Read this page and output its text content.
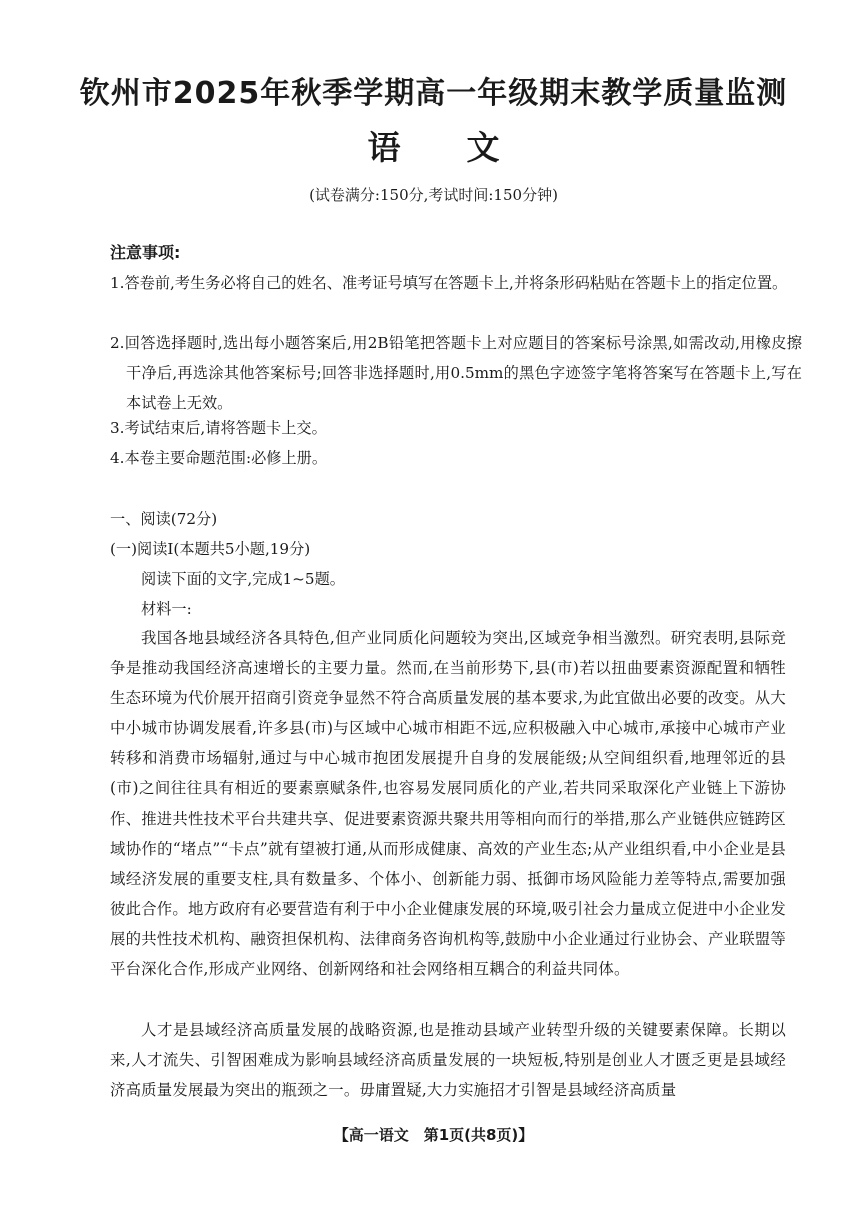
钦州市2025年秋季学期高一年级期末教学质量监测
语文
(试卷满分:150分,考试时间:150分钟)
注意事项:
1.答卷前,考生务必将自己的姓名、准考证号填写在答题卡上,并将条形码粘贴在答题卡上的指定位置。
2.回答选择题时,选出每小题答案后,用2B铅笔把答题卡上对应题目的答案标号涂黑,如需改动,用橡皮擦干净后,再选涂其他答案标号;回答非选择题时,用0.5mm的黑色字迹签字笔将答案写在答题卡上,写在本试卷上无效。
3.考试结束后,请将答题卡上交。
4.本卷主要命题范围:必修上册。
一、阅读(72分)
(一)阅读Ⅰ(本题共5小题,19分)
阅读下面的文字,完成1~5题。
材料一:
我国各地县域经济各具特色,但产业同质化问题较为突出,区域竞争相当激烈。研究表明,县际竞争是推动我国经济高速增长的主要力量。然而,在当前形势下,县(市)若以扭曲要素资源配置和牺牲生态环境为代价展开招商引资竞争显然不符合高质量发展的基本要求,为此宜做出必要的改变。从大中小城市协调发展看,许多县(市)与区域中心城市相距不远,应积极融入中心城市,承接中心城市产业转移和消费市场辐射,通过与中心城市抱团发展提升自身的发展能级;从空间组织看,地理邻近的县(市)之间往往具有相近的要素禀赋条件,也容易发展同质化的产业,若共同采取深化产业链上下游协作、推进共性技术平台共建共享、促进要素资源共聚共用等相向而行的举措,那么产业链供应链跨区域协作的“堵点”“卡点”就有望被打通,从而形成健康、高效的产业生态;从产业组织看,中小企业是县域经济发展的重要支柱,具有数量多、个体小、创新能力弱、抵御市场风险能力差等特点,需要加强彼此合作。地方政府有必要营造有利于中小企业健康发展的环境,吸引社会力量成立促进中小企业发展的共性技术机构、融资担保机构、法律商务咨询机构等,鼓励中小企业通过行业协会、产业联盟等平台深化合作,形成产业网络、创新网络和社会网络相互耦合的利益共同体。
人才是县域经济高质量发展的战略资源,也是推动县域产业转型升级的关键要素保障。长期以来,人才流失、引智困难成为影响县域经济高质量发展的一块短板,特别是创业人才匮乏更是县域经济高质量发展最为突出的瓶颈之一。毋庸置疑,大力实施招才引智是县域经济高质量
【高一语文　第1页(共8页)】
